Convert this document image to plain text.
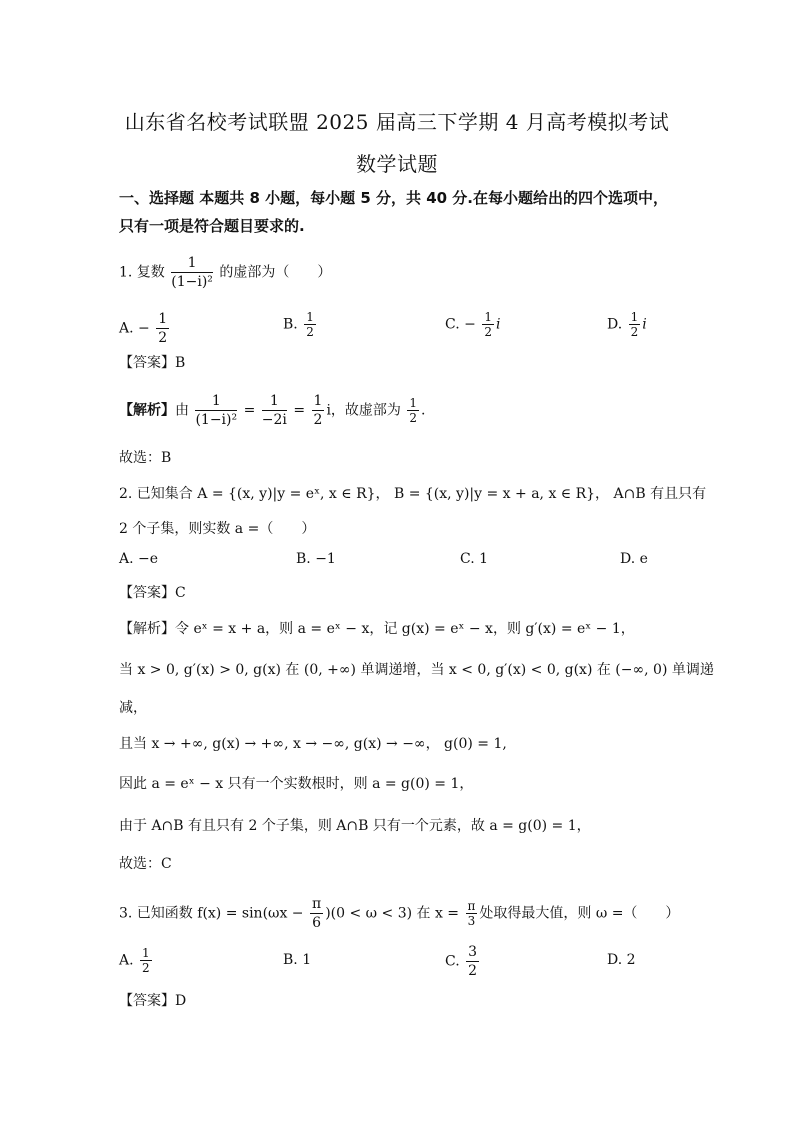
山东省名校考试联盟 2025 届高三下学期 4 月高考模拟考试
数学试题
一、选择题 本题共 8 小题，每小题 5 分，共 40 分.在每小题给出的四个选项中，
只有一项是符合题目要求的.
1. 复数 $\frac{1}{\text{(1−i)²}}$ 的虚部为（　　）
A. − $\frac{1}{2}$	B. $\frac{1}{2}$	C. − $\frac{1}{2}$ i	D. $\frac{1}{2}$ i
【答案】B
【解析】由 $\frac{1}{\text{(1−i)²}} = \frac{1}{-2i} = \frac{1}{2}$ i，故虚部为 $\frac{1}{2}$ .
故选：B
2. 已知集合 A = {(x, y)|y = eˣ, x ∈ R}， B = {(x, y)|y = x + a, x ∈ R}， A∩B 有且只有
2 个子集，则实数 a =（　　）
A. −e	B. −1	C. 1	D. e
【答案】C
【解析】令 eˣ = x + a，则 a = eˣ − x，记 g(x) = eˣ − x，则 g′(x) = eˣ − 1，
当 x > 0, g′(x) > 0, g(x) 在 (0, +∞) 单调递增，当 x < 0, g′(x) < 0, g(x) 在 (−∞, 0) 单调递
减，
且当 x → +∞, g(x) → +∞, x → −∞, g(x) → −∞， g(0) = 1,
因此 a = eˣ − x 只有一个实数根时，则 a = g(0) = 1，
由于 A∩B 有且只有 2 个子集，则 A∩B 只有一个元素，故 a = g(0) = 1，
故选：C
3. 已知函数 $f(x) = \sin(\omega x - \frac{\pi}{6} )(0 < \omega < 3)$ 在 $x = \frac{\pi}{3}$ 处取得最大值，则 ω =（　　）
A. $\frac{1}{2}$	B. 1	C. $\frac{3}{2}$	D. 2
【答案】D
